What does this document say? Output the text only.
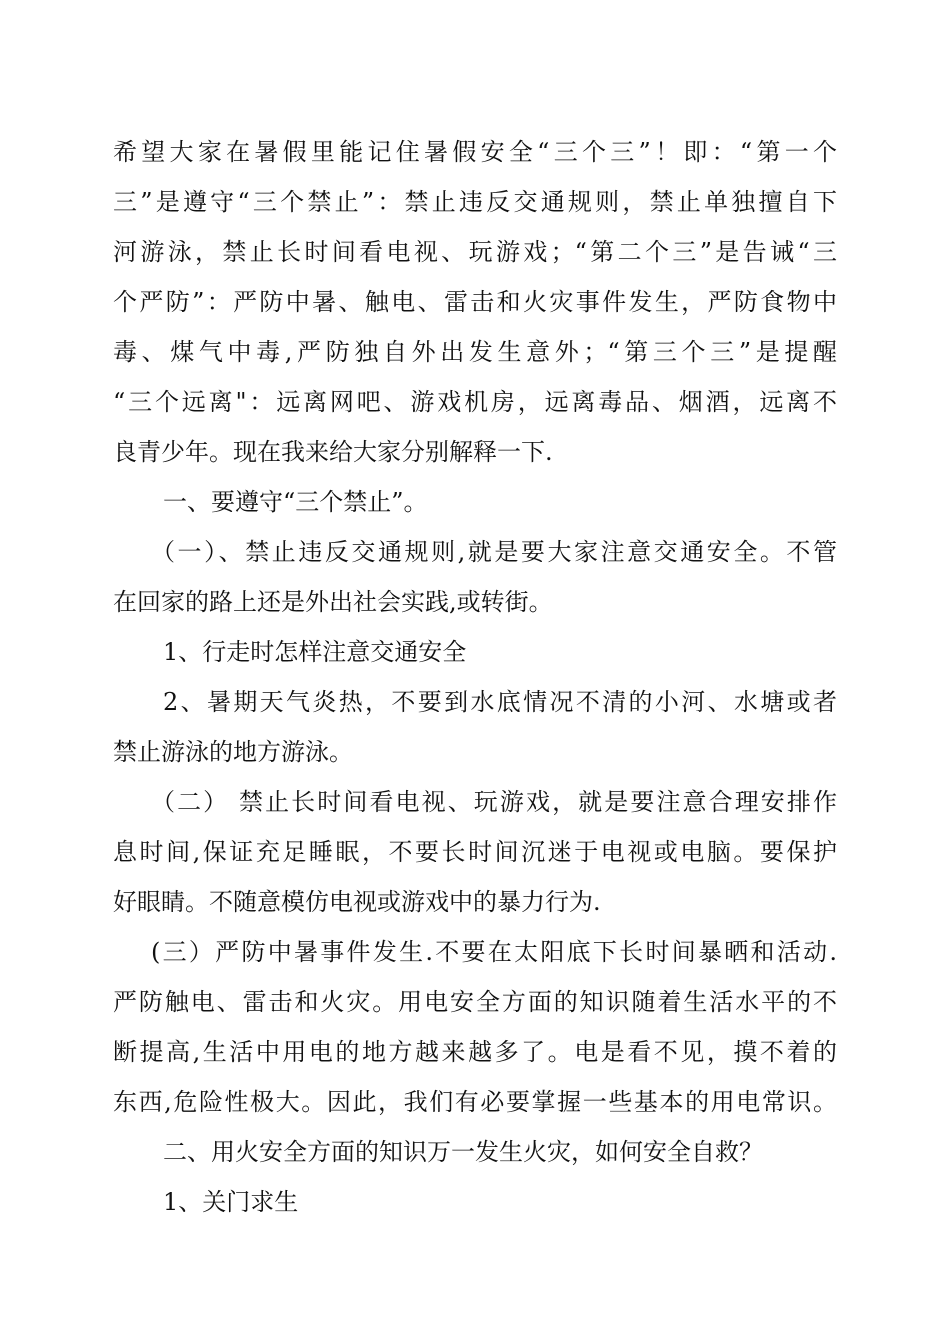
希望大家在暑假里能记住暑假安全“三个三”！即：“第一个

三”是遵守“三个禁止”：禁止违反交通规则，禁止单独擅自下

河游泳，禁止长时间看电视、玩游戏；“第二个三”是告诫“三

个严防”：严防中暑、触电、雷击和火灾事件发生，严防食物中

毒、煤气中毒,严防独自外出发生意外；“第三个三”是提醒

“三个远离"：远离网吧、游戏机房，远离毒品、烟酒，远离不

良青少年。现在我来给大家分别解释一下.

一、要遵守“三个禁止”。

（一）、禁止违反交通规则,就是要大家注意交通安全。不管

在回家的路上还是外出社会实践,或转街。

1、行走时怎样注意交通安全

2、暑期天气炎热，不要到水底情况不清的小河、水塘或者

禁止游泳的地方游泳。

（二） 禁止长时间看电视、玩游戏，就是要注意合理安排作

息时间,保证充足睡眠，不要长时间沉迷于电视或电脑。要保护

好眼睛。不随意模仿电视或游戏中的暴力行为.

(三）严防中暑事件发生.不要在太阳底下长时间暴晒和活动.

严防触电、雷击和火灾。用电安全方面的知识随着生活水平的不

断提高,生活中用电的地方越来越多了。电是看不见，摸不着的

东西,危险性极大。因此，我们有必要掌握一些基本的用电常识。

二、用火安全方面的知识万一发生火灾，如何安全自救？

1、关门求生
